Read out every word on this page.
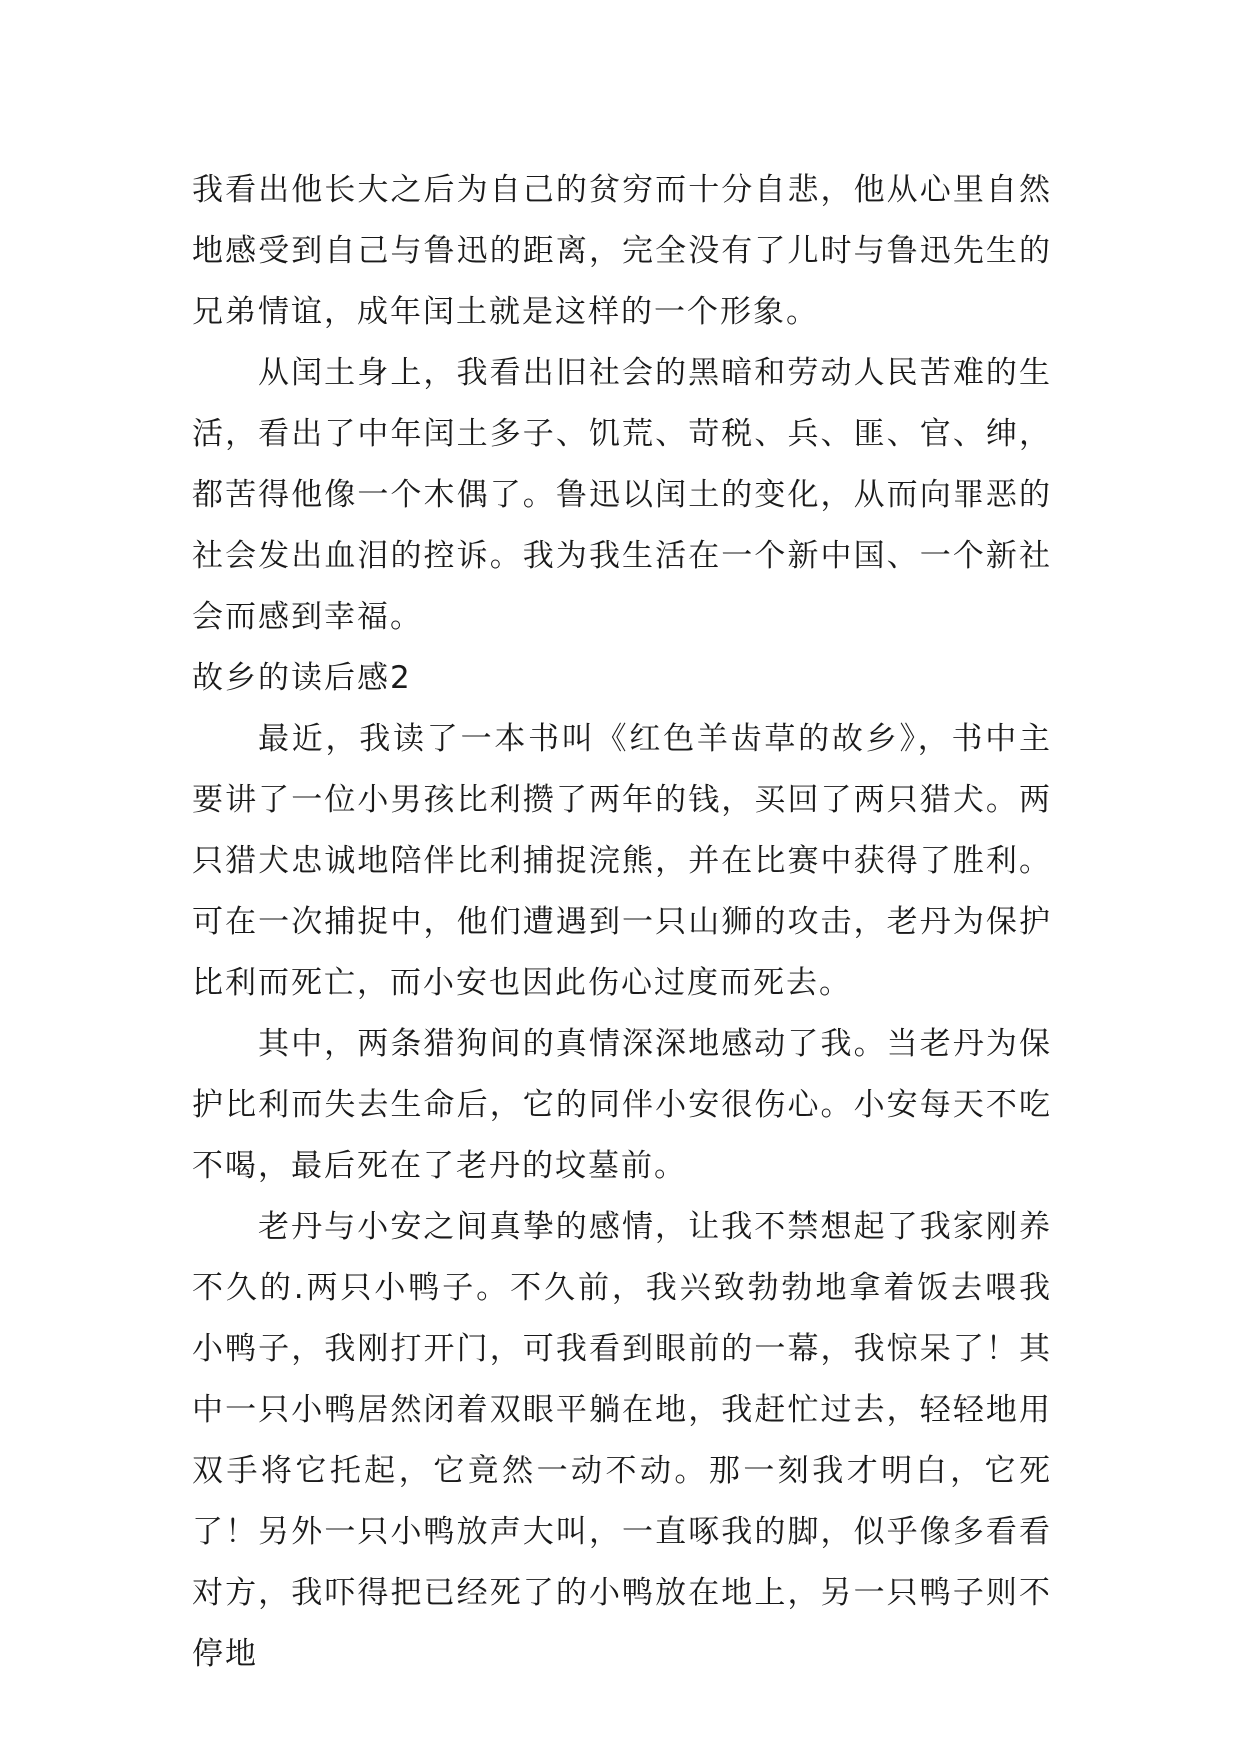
我看出他长大之后为自己的贫穷而十分自悲，他从心里自然地感受到自己与鲁迅的距离，完全没有了儿时与鲁迅先生的兄弟情谊，成年闰土就是这样的一个形象。

从闰土身上，我看出旧社会的黑暗和劳动人民苦难的生活，看出了中年闰土多子、饥荒、苛税、兵、匪、官、绅，都苦得他像一个木偶了。鲁迅以闰土的变化，从而向罪恶的社会发出血泪的控诉。我为我生活在一个新中国、一个新社会而感到幸福。

故乡的读后感2

最近，我读了一本书叫《红色羊齿草的故乡》，书中主要讲了一位小男孩比利攒了两年的钱，买回了两只猎犬。两只猎犬忠诚地陪伴比利捕捉浣熊，并在比赛中获得了胜利。可在一次捕捉中，他们遭遇到一只山狮的攻击，老丹为保护比利而死亡，而小安也因此伤心过度而死去。

其中，两条猎狗间的真情深深地感动了我。当老丹为保护比利而失去生命后，它的同伴小安很伤心。小安每天不吃不喝，最后死在了老丹的坟墓前。

老丹与小安之间真挚的感情，让我不禁想起了我家刚养不久的.两只小鸭子。不久前，我兴致勃勃地拿着饭去喂我小鸭子，我刚打开门，可我看到眼前的一幕，我惊呆了！其中一只小鸭居然闭着双眼平躺在地，我赶忙过去，轻轻地用双手将它托起，它竟然一动不动。那一刻我才明白，它死了！另外一只小鸭放声大叫，一直啄我的脚，似乎像多看看对方，我吓得把已经死了的小鸭放在地上，另一只鸭子则不停地
